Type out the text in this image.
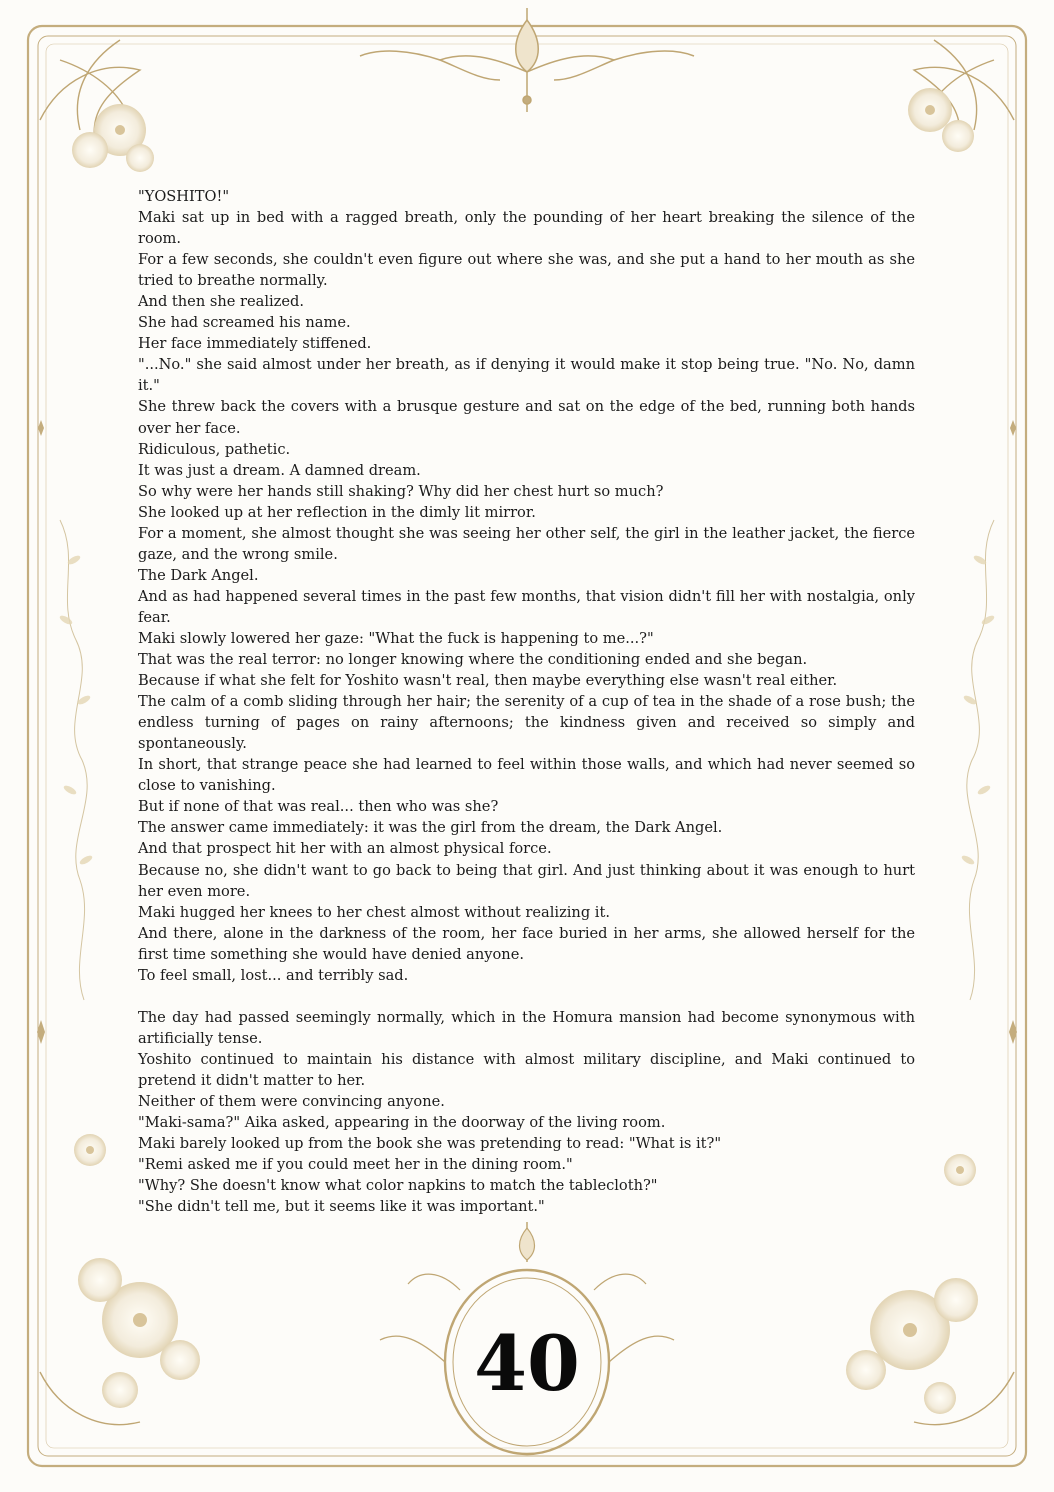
"YOSHITO!"

Maki sat up in bed with a ragged breath, only the pounding of her heart breaking the silence of the room.

For a few seconds, she couldn't even figure out where she was, and she put a hand to her mouth as she tried to breathe normally.

And then she realized.

She had screamed his name.

Her face immediately stiffened.

"...No." she said almost under her breath, as if denying it would make it stop being true. "No. No, damn it."

She threw back the covers with a brusque gesture and sat on the edge of the bed, running both hands over her face.

Ridiculous, pathetic.

It was just a dream. A damned dream.

So why were her hands still shaking? Why did her chest hurt so much?

She looked up at her reflection in the dimly lit mirror.

For a moment, she almost thought she was seeing her other self, the girl in the leather jacket, the fierce gaze, and the wrong smile.

The Dark Angel.

And as had happened several times in the past few months, that vision didn't fill her with nostalgia, only fear.

Maki slowly lowered her gaze: "What the fuck is happening to me...?"

That was the real terror: no longer knowing where the conditioning ended and she began.

Because if what she felt for Yoshito wasn't real, then maybe everything else wasn't real either.

The calm of a comb sliding through her hair; the serenity of a cup of tea in the shade of a rose bush; the endless turning of pages on rainy afternoons; the kindness given and received so simply and spontaneously.

In short, that strange peace she had learned to feel within those walls, and which had never seemed so close to vanishing.

But if none of that was real... then who was she?

The answer came immediately: it was the girl from the dream, the Dark Angel.

And that prospect hit her with an almost physical force.

Because no, she didn't want to go back to being that girl. And just thinking about it was enough to hurt her even more.

Maki hugged her knees to her chest almost without realizing it.

And there, alone in the darkness of the room, her face buried in her arms, she allowed herself for the first time something she would have denied anyone.

To feel small, lost... and terribly sad.

The day had passed seemingly normally, which in the Homura mansion had become synonymous with artificially tense.

Yoshito continued to maintain his distance with almost military discipline, and Maki continued to pretend it didn't matter to her.

Neither of them were convincing anyone.

"Maki-sama?" Aika asked, appearing in the doorway of the living room.

Maki barely looked up from the book she was pretending to read: "What is it?"

"Remi asked me if you could meet her in the dining room."

"Why? She doesn't know what color napkins to match the tablecloth?"

"She didn't tell me, but it seems like it was important."

40
